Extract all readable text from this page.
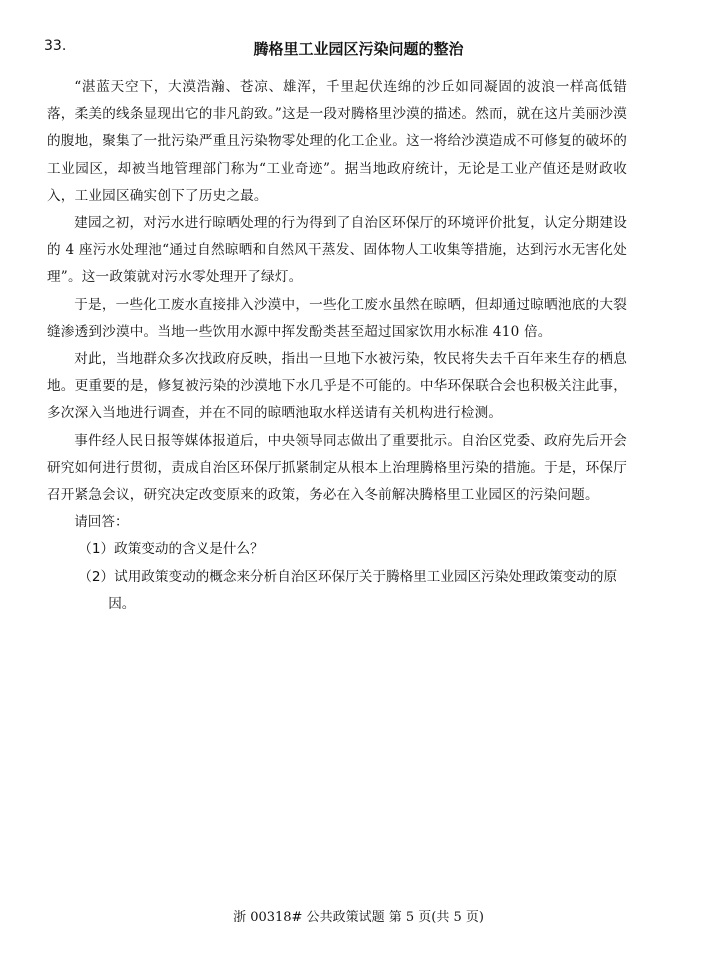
33.	腾格里工业园区污染问题的整治

“湛蓝天空下，大漠浩瀚、苍凉、雄浑，千里起伏连绵的沙丘如同凝固的波浪一样高低错落，柔美的线条显现出它的非凡韵致。”这是一段对腾格里沙漠的描述。然而，就在这片美丽沙漠的腹地，聚集了一批污染严重且污染物零处理的化工企业。这一将给沙漠造成不可修复的破坏的工业园区，却被当地管理部门称为“工业奇迹”。据当地政府统计，无论是工业产值还是财政收入，工业园区确实创下了历史之最。

建园之初，对污水进行晾晒处理的行为得到了自治区环保厅的环境评价批复，认定分期建设的 4 座污水处理池“通过自然晾晒和自然风干蒸发、固体物人工收集等措施，达到污水无害化处理”。这一政策就对污水零处理开了绿灯。

于是，一些化工废水直接排入沙漠中，一些化工废水虽然在晾晒，但却通过晾晒池底的大裂缝渗透到沙漠中。当地一些饮用水源中挥发酚类甚至超过国家饮用水标准 410 倍。

对此，当地群众多次找政府反映，指出一旦地下水被污染，牧民将失去千百年来生存的栖息地。更重要的是，修复被污染的沙漠地下水几乎是不可能的。中华环保联合会也积极关注此事，多次深入当地进行调查，并在不同的晾晒池取水样送请有关机构进行检测。

事件经人民日报等媒体报道后，中央领导同志做出了重要批示。自治区党委、政府先后开会研究如何进行贯彻，责成自治区环保厅抓紧制定从根本上治理腾格里污染的措施。于是，环保厅召开紧急会议，研究决定改变原来的政策，务必在入冬前解决腾格里工业园区的污染问题。

请回答：

（1）政策变动的含义是什么？

（2）试用政策变动的概念来分析自治区环保厅关于腾格里工业园区污染处理政策变动的原因。

浙 00318# 公共政策试题 第 5 页(共 5 页)
